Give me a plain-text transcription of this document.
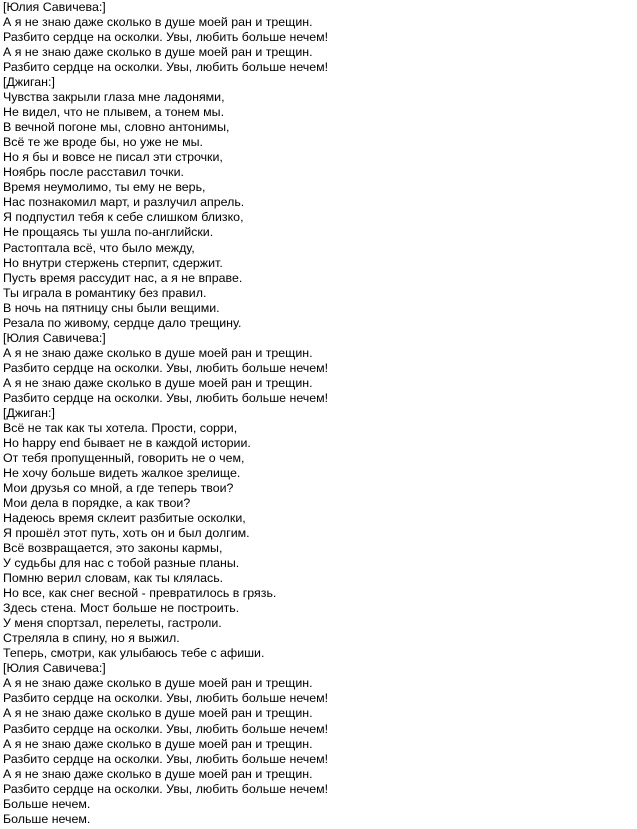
[Юлия Савичева:]
А я не знаю даже сколько в душе моей ран и трещин.
Разбито сердце на осколки. Увы, любить больше нечем!
А я не знаю даже сколько в душе моей ран и трещин.
Разбито сердце на осколки. Увы, любить больше нечем!
[Джиган:]
Чувства закрыли глаза мне ладонями,
Не видел, что не плывем, а тонем мы.
В вечной погоне мы, словно антонимы,
Всё те же вроде бы, но уже не мы.
Но я бы и вовсе не писал эти строчки,
Ноябрь после расставил точки.
Время неумолимо, ты ему не верь,
Нас познакомил март, и разлучил апрель.
Я подпустил тебя к себе слишком близко,
Не прощаясь ты ушла по-английски.
Растоптала всё, что было между,
Но внутри стержень стерпит, сдержит.
Пусть время рассудит нас, а я не вправе.
Ты играла в романтику без правил.
В ночь на пятницу сны были вещими.
Резала по живому, сердце дало трещину.
[Юлия Савичева:]
А я не знаю даже сколько в душе моей ран и трещин.
Разбито сердце на осколки. Увы, любить больше нечем!
А я не знаю даже сколько в душе моей ран и трещин.
Разбито сердце на осколки. Увы, любить больше нечем!
[Джиган:]
Всё не так как ты хотела. Прости, сорри,
Но happy end бывает не в каждой истории.
От тебя пропущенный, говорить не о чем,
Не хочу больше видеть жалкое зрелище.
Мои друзья со мной, а где теперь твои?
Мои дела в порядке, а как твои?
Надеюсь время склеит разбитые осколки,
Я прошёл этот путь, хоть он и был долгим.
Всё возвращается, это законы кармы,
У судьбы для нас с тобой разные планы.
Помню верил словам, как ты клялась.
Но все, как снег весной - превратилось в грязь.
Здесь стена. Мост больше не построить.
У меня спортзал, перелеты, гастроли.
Стреляла в спину, но я выжил.
Теперь, смотри, как улыбаюсь тебе с афиши.
[Юлия Савичева:]
А я не знаю даже сколько в душе моей ран и трещин.
Разбито сердце на осколки. Увы, любить больше нечем!
А я не знаю даже сколько в душе моей ран и трещин.
Разбито сердце на осколки. Увы, любить больше нечем!
А я не знаю даже сколько в душе моей ран и трещин.
Разбито сердце на осколки. Увы, любить больше нечем!
А я не знаю даже сколько в душе моей ран и трещин.
Разбито сердце на осколки. Увы, любить больше нечем!
Больше нечем.
Больше нечем.
